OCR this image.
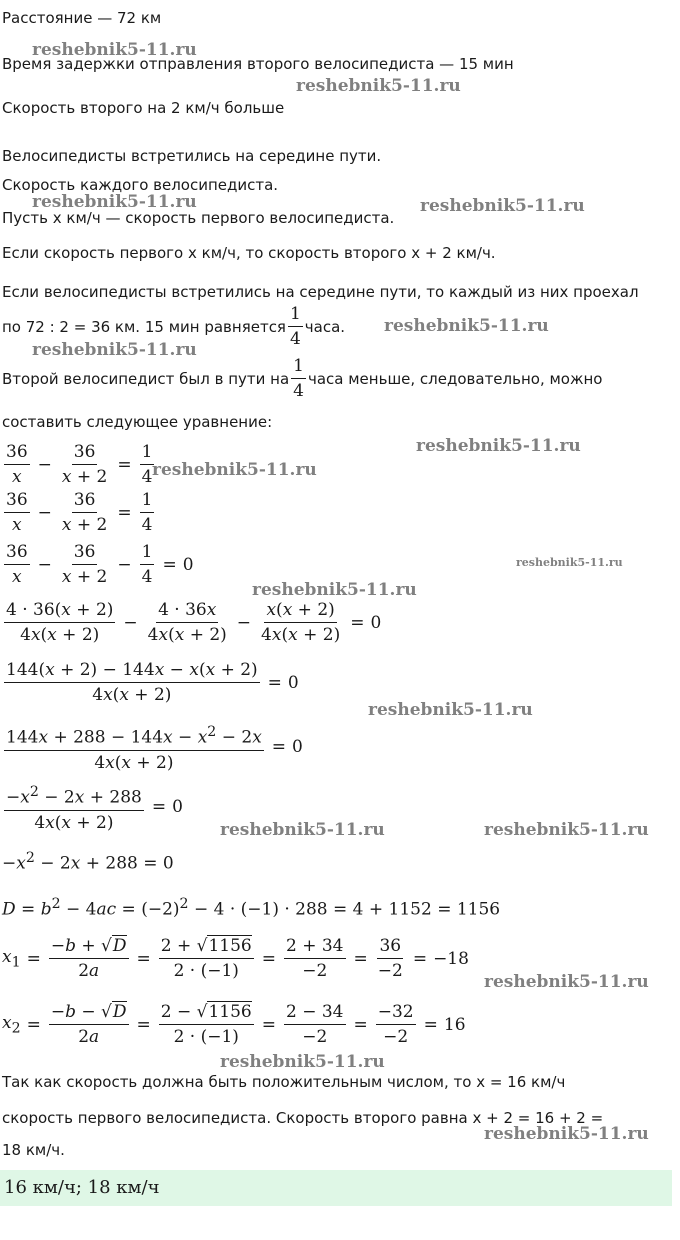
Расстояние — 72 км
Время задержки отправления второго велосипедиста — 15 мин
Скорость второго на 2 км/ч больше
Велосипедисты встретились на середине пути.
Скорость каждого велосипедиста.
Пусть x км/ч — скорость первого велосипедиста.
Если скорость первого x км/ч, то скорость второго x + 2 км/ч.
Если велосипедисты встретились на середине пути, то каждый из них проехал
по 72 : 2 = 36 км. 15 мин равняется
1
4
часа.
Второй велосипедист был в пути на
1
4
часа меньше, следовательно, можно
составить следующее уравнение:
36
x
− $\frac{36}{x + 2} = \frac{1}{4}$
36
x
− $\frac{36}{x + 2} = \frac{1}{4}$
36
x
− $\frac{36}{x + 2} - \frac{1}{4} = 0$
4 · 36(x + 2)
4x(x + 2)
− $\frac{4 \cdot 36x}{4x(x + 2)} - \frac{x(x + 2)}{4x(x + 2)} = 0$
$\frac{144(x + 2) - 144x - x(x + 2)}{4x(x + 2)} = 0$
$\frac{144x + 288 - 144x - x^2 - 2x}{4x(x + 2)} = 0$
$\frac{-x^2 - 2x + 288}{4x(x + 2)} = 0$
$-x^2 - 2x + 288 = 0$
$D = b^2 - 4ac = (-2)^2 - 4 \cdot (-1) \cdot 288 = 4 + 1152 = 1156$
$x_1 = \frac{-b + √D}{2a} = \frac{2 + √1156}{2 \cdot (-1)} = \frac{2 + 34}{-2} = \frac{36}{-2} = -18$
$x_2 = \frac{-b - √D}{2a} = \frac{2 - √1156}{2 \cdot (-1)} = \frac{2 - 34}{-2} = \frac{-32}{-2} = 16$
Так как скорость должна быть положительным числом, то x = 16 км/ч
скорость первого велосипедиста. Скорость второго равна x + 2 = 16 + 2 =
18 км/ч.
16 км/ч; 18 км/ч
reshebnik5-11.ru
reshebnik5-11.ru
reshebnik5-11.ru	reshebnik5-11.ru
reshebnik5-11.ru
reshebnik5-11.ru
reshebnik5-11.ru
reshebnik5-11.ru
reshebnik5-11.ru
reshebnik5-11.ru
reshebnik5-11.ru
reshebnik5-11.ru	reshebnik5-11.ru
reshebnik5-11.ru
reshebnik5-11.ru
reshebnik5-11.ru
